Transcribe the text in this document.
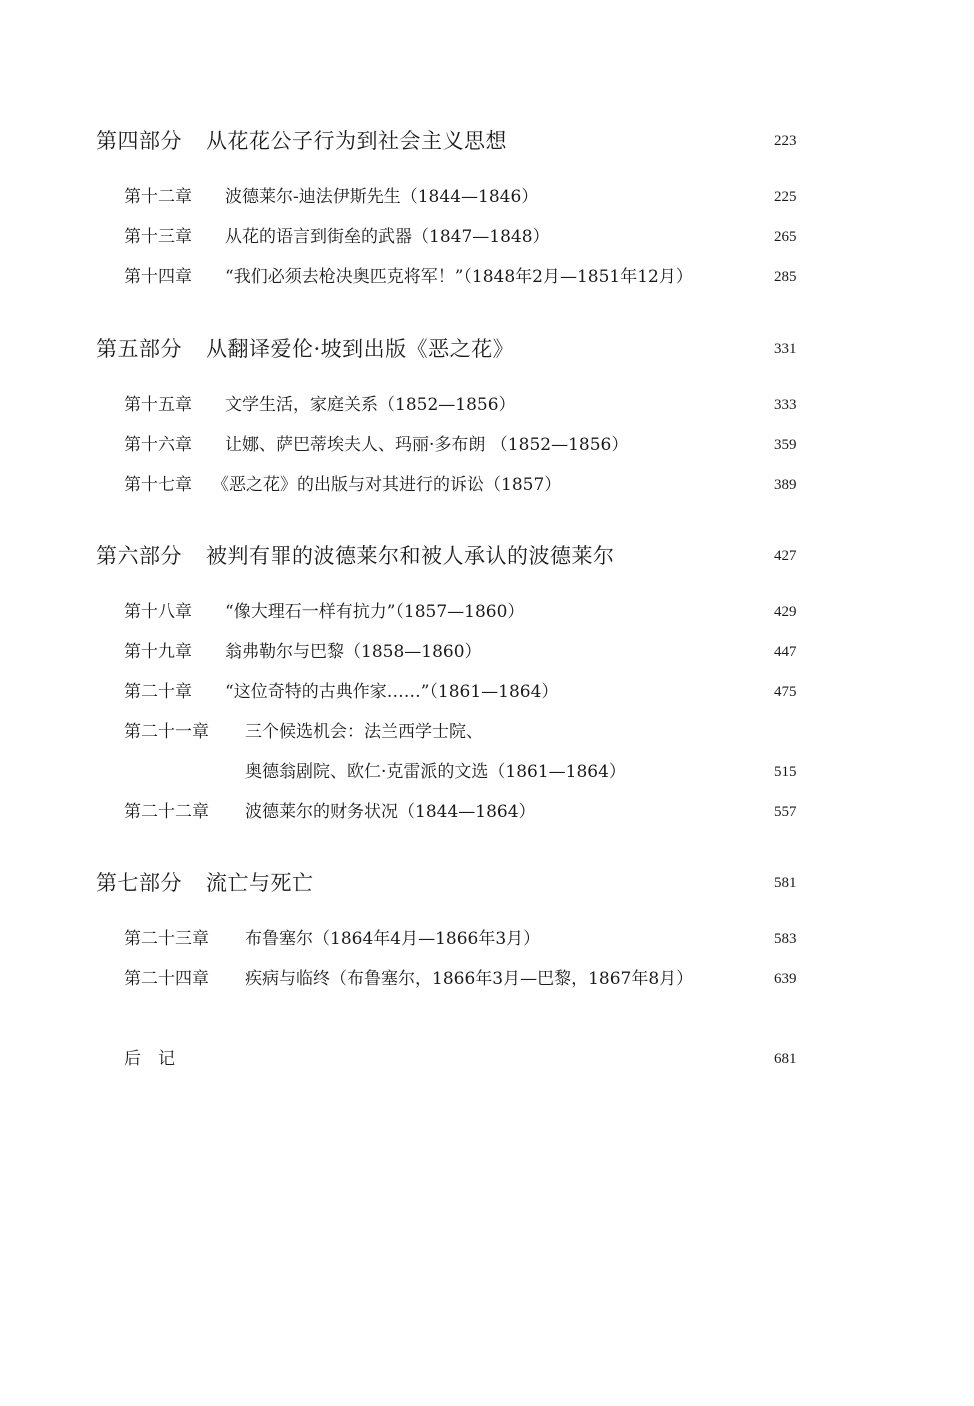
第四部分 从花花公子行为到社会主义思想	223
第十二章 波德莱尔-迪法伊斯先生（1844—1846）	225
第十三章 从花的语言到街垒的武器（1847—1848）	265
第十四章 “我们必须去枪决奥匹克将军！”（1848年2月—1851年12月）	285
第五部分 从翻译爱伦·坡到出版《恶之花》	331
第十五章 文学生活，家庭关系（1852—1856）	333
第十六章 让娜、萨巴蒂埃夫人、玛丽·多布朗 （1852—1856）	359
第十七章 《恶之花》的出版与对其进行的诉讼（1857）	389
第六部分 被判有罪的波德莱尔和被人承认的波德莱尔	427
第十八章 “像大理石一样有抗力”（1857—1860）	429
第十九章 翁弗勒尔与巴黎（1858—1860）	447
第二十章 “这位奇特的古典作家……”（1861—1864）	475
第二十一章 三个候选机会：法兰西学士院、
奥德翁剧院、欧仁·克雷派的文选（1861—1864）	515
第二十二章 波德莱尔的财务状况（1844—1864）	557
第七部分 流亡与死亡	581
第二十三章 布鲁塞尔（1864年4月—1866年3月）	583
第二十四章 疾病与临终（布鲁塞尔，1866年3月—巴黎，1867年8月）	639
后　记	681
